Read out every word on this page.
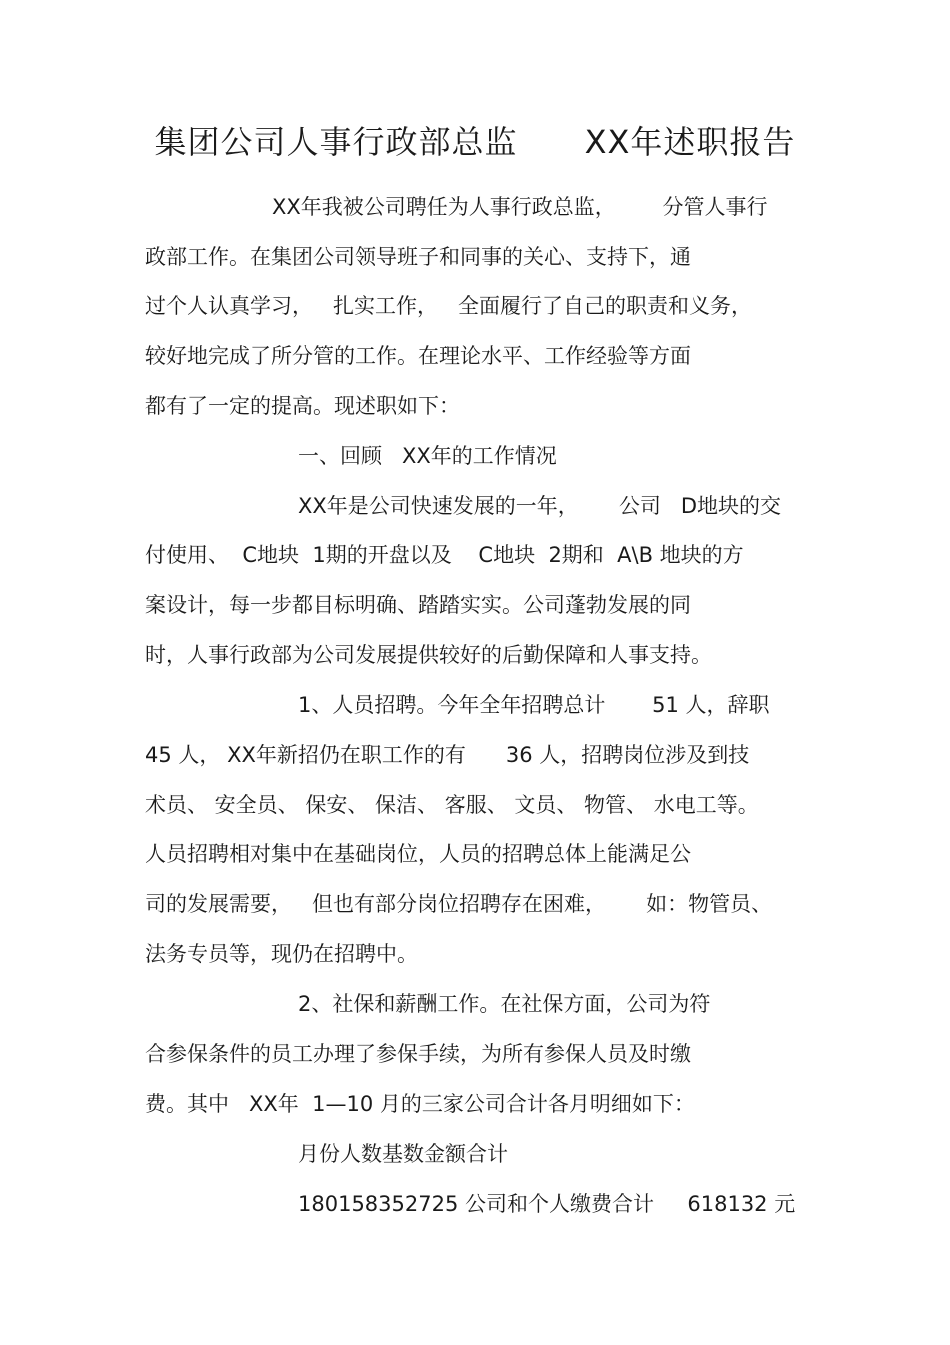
集团公司人事行政部总监      XX年述职报告
XX年我被公司聘任为人事行政总监，       分管人事行
政部工作。在集团公司领导班子和同事的关心、支持下，通
过个人认真学习，   扎实工作，   全面履行了自己的职责和义务，
较好地完成了所分管的工作。在理论水平、工作经验等方面
都有了一定的提高。现述职如下：
一、回顾   XX年的工作情况
XX年是公司快速发展的一年，      公司   D地块的交
付使用、  C地块  1期的开盘以及    C地块  2期和  A\B 地块的方
案设计，每一步都目标明确、踏踏实实。公司蓬勃发展的同
时，人事行政部为公司发展提供较好的后勤保障和人事支持。
1、人员招聘。今年全年招聘总计       51 人，辞职
45 人， XX年新招仍在职工作的有      36 人，招聘岗位涉及到技
术员、 安全员、 保安、 保洁、 客服、 文员、 物管、 水电工等。
人员招聘相对集中在基础岗位，人员的招聘总体上能满足公
司的发展需要，   但也有部分岗位招聘存在困难，      如：物管员、
法务专员等，现仍在招聘中。
2、社保和薪酬工作。在社保方面，公司为符
合参保条件的员工办理了参保手续，为所有参保人员及时缴
费。其中   XX年  1—10 月的三家公司合计各月明细如下：
月份人数基数金额合计
180158352725 公司和个人缴费合计     618132 元
